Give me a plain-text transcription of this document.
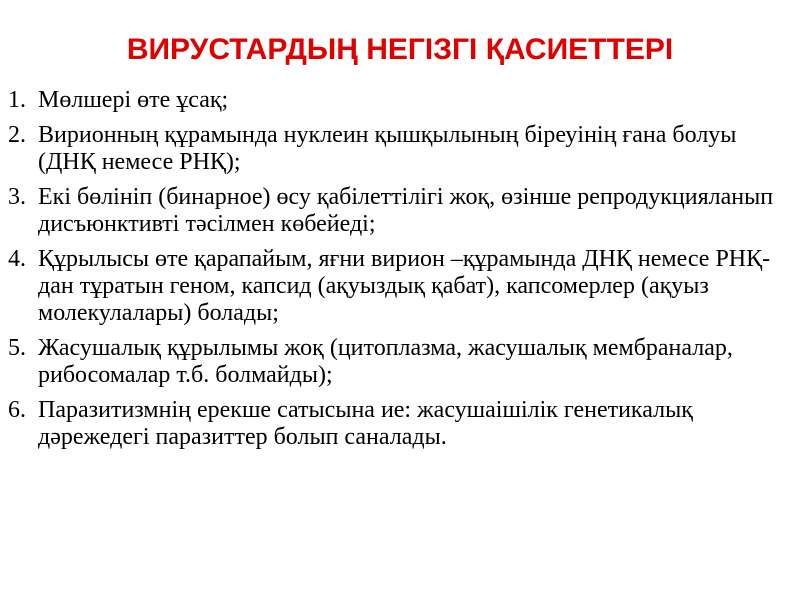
ВИРУСТАРДЫҢ НЕГІЗГІ ҚАСИЕТТЕРІ
1. Мөлшері өте ұсақ;
2. Вирионның құрамында нуклеин қышқылының біреуінің ғана болуы (ДНҚ немесе РНҚ);
3. Екі бөлініп (бинарное) өсу қабілеттілігі жоқ, өзінше репродукцияланып дисъюнктивті тәсілмен көбейеді;
4. Құрылысы өте қарапайым, яғни вирион –құрамында ДНҚ немесе РНҚ-дан тұратын геном, капсид (ақуыздық қабат), капсомерлер (ақуыз молекулалары) болады;
5. Жасушалық құрылымы жоқ (цитоплазма, жасушалық мембраналар, рибосомалар т.б. болмайды);
6. Паразитизмнің ерекше сатысына ие: жасушаішілік генетикалық дәрежедегі паразиттер болып саналады.
